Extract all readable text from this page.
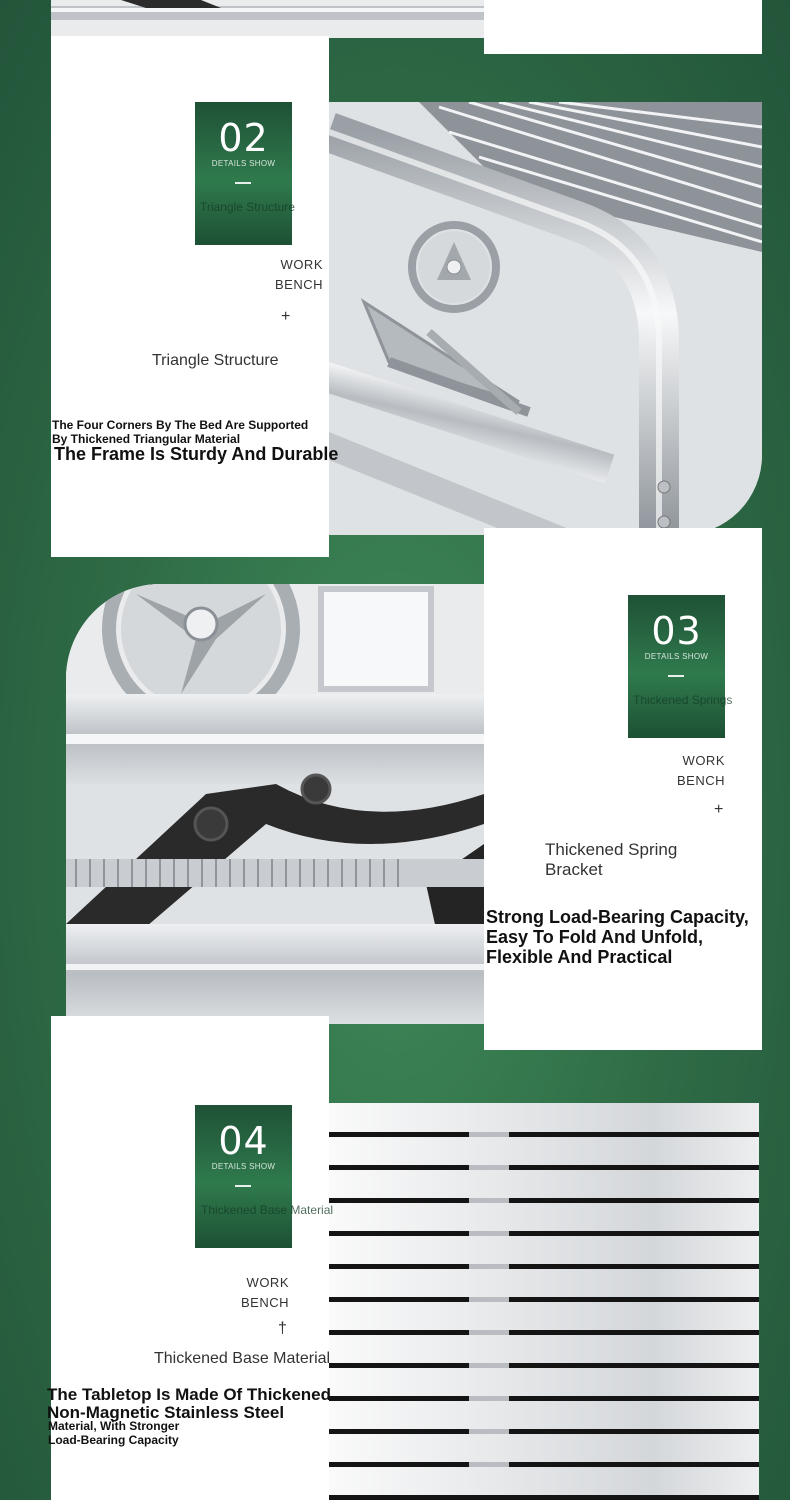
02
DETAILS SHOW
Triangle Structure
WORK
BENCH
+
Triangle Structure
The Four Corners By The Bed Are Supported
By Thickened Triangular Material
The Frame Is Sturdy And Durable
03
DETAILS SHOW
Thickened Springs
WORK
BENCH
+
Thickened Spring
Bracket
Strong Load-Bearing Capacity,
Easy To Fold And Unfold,
Flexible And Practical
04
DETAILS SHOW
Thickened Base Material
WORK
BENCH
†
Thickened Base Material
The Tabletop Is Made Of Thickened
Non-Magnetic Stainless Steel
Material, With Stronger
Load-Bearing Capacity
